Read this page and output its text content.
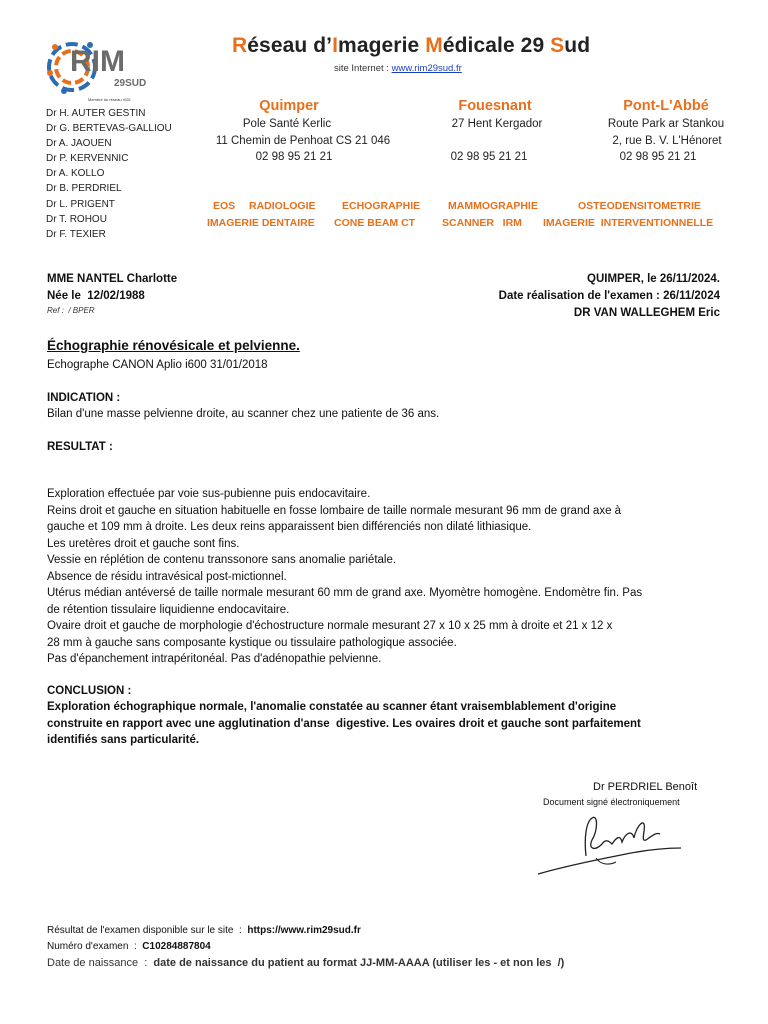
RIM
29SUD
Membre du réseau VIDI
Réseau d’Imagerie Médicale 29 Sud
site Internet : www.rim29sud.fr
Dr H. AUTER GESTIN
Dr G. BERTEVAS-GALLIOU
Dr A. JAOUEN
Dr P. KERVENNIC
Dr A. KOLLO
Dr B. PERDRIEL
Dr L. PRIGENT
Dr T. ROHOU
Dr F. TEXIER
Quimper
Pole Santé Kerlic
11 Chemin de Penhoat CS 21 046
02 98 95 21 21
Fouesnant
27 Hent Kergador
02 98 95 21 21
Pont-L'Abbé
Route Park ar Stankou
2, rue B. V. L'Hénoret
02 98 95 21 21
EOS RADIOLOGIE	ECHOGRAPHIE	MAMMOGRAPHIE	OSTEODENSITOMETRIE
IMAGERIE DENTAIRE CONE BEAM CT	SCANNER   IRM IMAGERIE  INTERVENTIONNELLE
MME NANTEL Charlotte
Née le  12/02/1988
Ref :  / BPER
QUIMPER, le 26/11/2024.
Date réalisation de l'examen : 26/11/2024
DR VAN WALLEGHEM Eric
Échographie rénovésicale et pelvienne.
Echographe CANON Aplio i600 31/01/2018
INDICATION :
Bilan d'une masse pelvienne droite, au scanner chez une patiente de 36 ans.
RESULTAT :
Exploration effectuée par voie sus-pubienne puis endocavitaire.
Reins droit et gauche en situation habituelle en fosse lombaire de taille normale mesurant 96 mm de grand axe à
gauche et 109 mm à droite. Les deux reins apparaissent bien différenciés non dilaté lithiasique.
Les uretères droit et gauche sont fins.
Vessie en réplétion de contenu transsonore sans anomalie pariétale.
Absence de résidu intravésical post-mictionnel.
Utérus médian antéversé de taille normale mesurant 60 mm de grand axe. Myomètre homogène. Endomètre fin. Pas
de rétention tissulaire liquidienne endocavitaire.
Ovaire droit et gauche de morphologie d'échostructure normale mesurant 27 x 10 x 25 mm à droite et 21 x 12 x
28 mm à gauche sans composante kystique ou tissulaire pathologique associée.
Pas d'épanchement intrapéritonéal. Pas d'adénopathie pelvienne.
CONCLUSION :
Exploration échographique normale, l'anomalie constatée au scanner étant vraisemblablement d'origine
construite en rapport avec une agglutination d'anse  digestive. Les ovaires droit et gauche sont parfaitement
identifiés sans particularité.
Dr PERDRIEL Benoît
Document signé électroniquement
Résultat de l'examen disponible sur le site  :  https://www.rim29sud.fr
Numéro d'examen  :  C10284887804
Date de naissance  :  date de naissance du patient au format JJ-MM-AAAA (utiliser les - et non les  /)
